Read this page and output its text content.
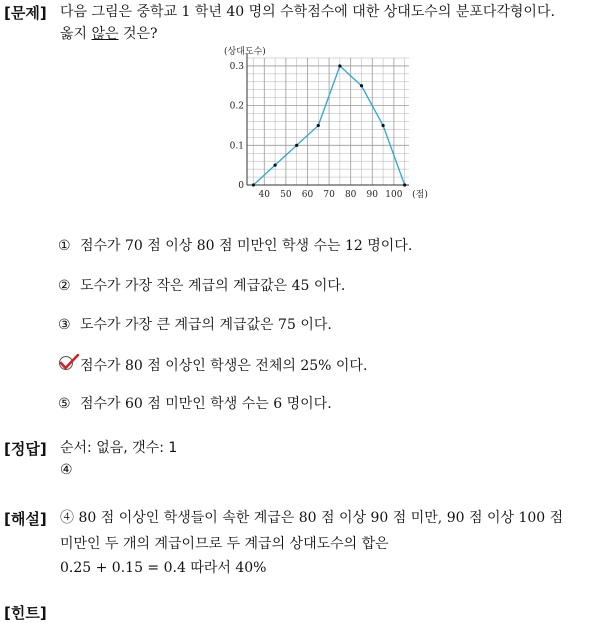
[문제] 다음 그림은 중학교 1 학년 40 명의 수학점수에 대한 상대도수의 분포다각형이다.
옳지 않은 것은?
0
0.1
0.2
0.3
40 50 60 70 80 90 100
(상대도수)
(점)
① 점수가 70 점 이상 80 점 미만인 학생 수는 12 명이다.
② 도수가 가장 작은 계급의 계급값은 45 이다.
③ 도수가 가장 큰 계급의 계급값은 75 이다.
점수가 80 점 이상인 학생은 전체의 25% 이다.
⑤ 점수가 60 점 미만인 학생 수는 6 명이다.
[정답] 순서: 없음, 갯수: 1
④
[해설] ④ 80 점 이상인 학생들이 속한 계급은 80 점 이상 90 점 미만, 90 점 이상 100 점
미만인 두 개의 계급이므로 두 계급의 상대도수의 합은
0.25 + 0.15 = 0.4 따라서 40%
[힌트]
